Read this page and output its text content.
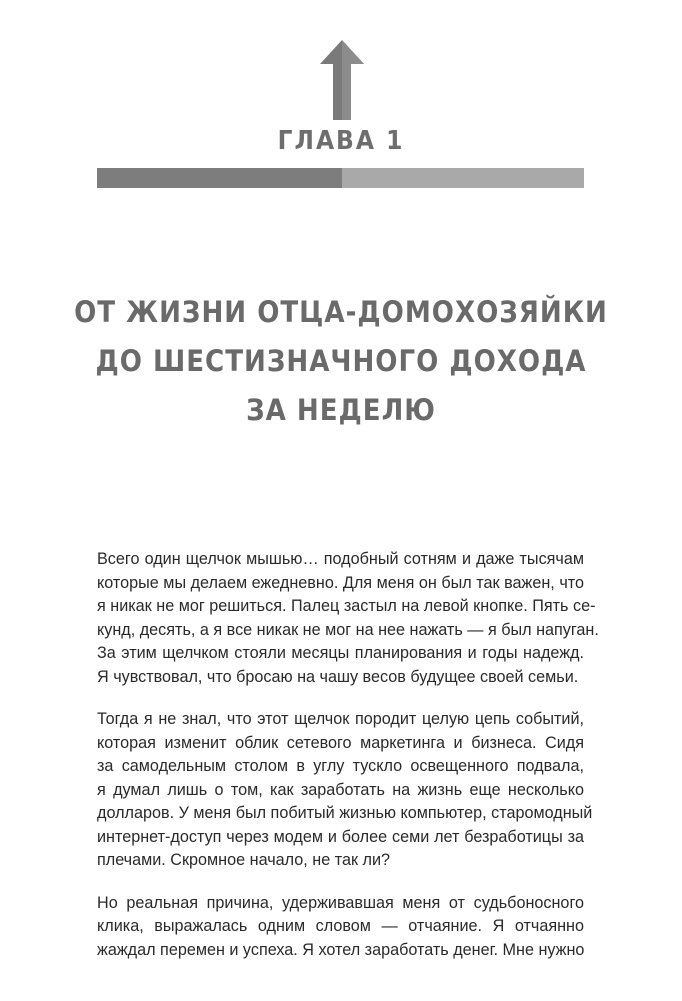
ГЛАВА 1
ОТ ЖИЗНИ ОТЦА-ДОМОХОЗЯЙКИ
ДО ШЕСТИЗНАЧНОГО ДОХОДА
ЗА НЕДЕЛЮ
Всего один щелчок мышью… подобный сотням и даже тысячам
которые мы делаем ежедневно. Для меня он был так важен, что
я никак не мог решиться. Палец застыл на левой кнопке. Пять се-
кунд, десять, а я все никак не мог на нее нажать — я был напуган.
За этим щелчком стояли месяцы планирования и годы надежд.
Я чувствовал, что бросаю на чашу весов будущее своей семьи.
Тогда я не знал, что этот щелчок породит целую цепь событий,
которая изменит облик сетевого маркетинга и бизнеса. Сидя
за самодельным столом в углу тускло освещенного подвала,
я думал лишь о том, как заработать на жизнь еще несколько
долларов. У меня был побитый жизнью компьютер, старомодный
интернет-доступ через модем и более семи лет безработицы за
плечами. Скромное начало, не так ли?
Но реальная причина, удерживавшая меня от судьбоносного
клика, выражалась одним словом — отчаяние. Я отчаянно
жаждал перемен и успеха. Я хотел заработать денег. Мне нужно
